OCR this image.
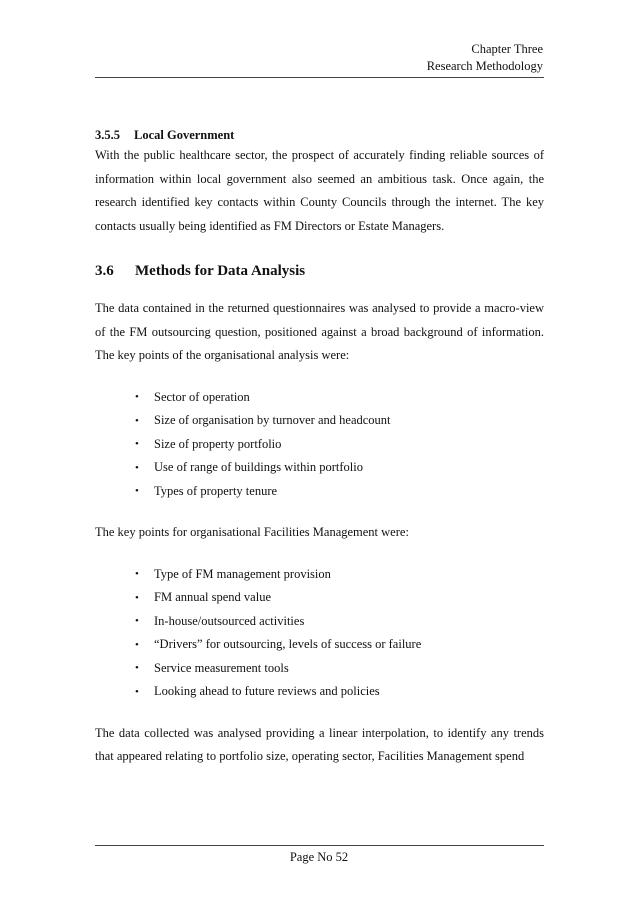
Chapter Three
Research Methodology
3.5.5	Local Government

With the public healthcare sector, the prospect of accurately finding reliable sources of information within local government also seemed an ambitious task. Once again, the research identified key contacts within County Councils through the internet. The key contacts usually being identified as FM Directors or Estate Managers.

3.6	Methods for Data Analysis

The data contained in the returned questionnaires was analysed to provide a macro-view of the FM outsourcing question, positioned against a broad background of information. The key points of the organisational analysis were:

•	Sector of operation
•	Size of organisation by turnover and headcount
•	Size of property portfolio
•	Use of range of buildings within portfolio
•	Types of property tenure

The key points for organisational Facilities Management were:

•	Type of FM management provision
•	FM annual spend value
•	In-house/outsourced activities
•	“Drivers” for outsourcing, levels of success or failure
•	Service measurement tools
•	Looking ahead to future reviews and policies

The data collected was analysed providing a linear interpolation, to identify any trends that appeared relating to portfolio size, operating sector, Facilities Management spend

Page No 52
